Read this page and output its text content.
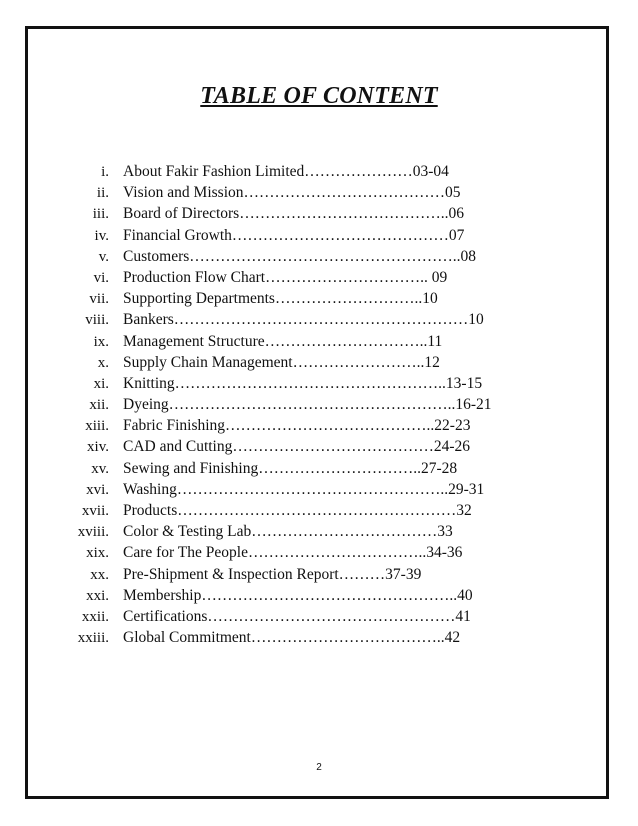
TABLE OF CONTENT
i. About Fakir Fashion Limited…………………03-04
ii. Vision and Mission…………………………………05
iii. Board of Directors…………………………………..06
iv. Financial Growth……………………………………07
v. Customers……………………………………………..08
vi. Production Flow Chart………………………….. 09
vii. Supporting Departments………………………..10
viii. Bankers…………………………………………………10
ix. Management Structure…………………………..11
x. Supply Chain Management……………………..12
xi. Knitting……………………………………………..13-15
xii. Dyeing………………………………………………..16-21
xiii. Fabric Finishing…………………………………..22-23
xiv. CAD and Cutting…………………………………24-26
xv. Sewing and Finishing…………………………..27-28
xvi. Washing……………………………………………..29-31
xvii. Products………………………………………………32
xviii. Color & Testing Lab………………………………33
xix. Care for The People……………………………..34-36
xx. Pre-Shipment & Inspection Report………37-39
xxi. Membership…………………………………………..40
xxii. Certifications…………………………………………41
xxiii. Global Commitment………………………………..42
2
